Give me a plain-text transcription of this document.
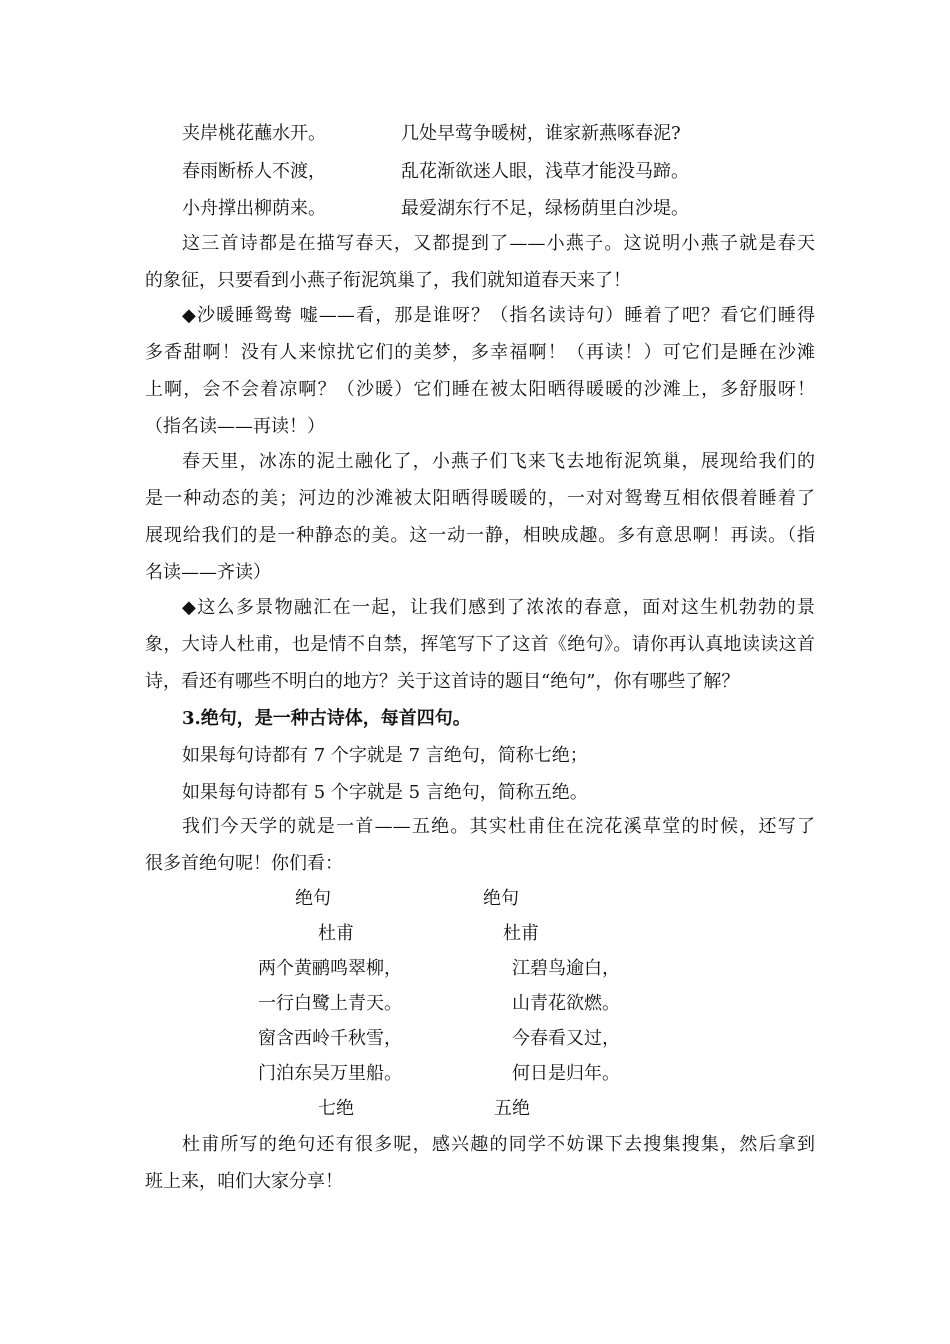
夹岸桃花蘸水开。	几处早莺争暖树，谁家新燕啄春泥?
春雨断桥人不渡，	乱花渐欲迷人眼，浅草才能没马蹄。
小舟撑出柳荫来。	最爱湖东行不足，绿杨荫里白沙堤。
这三首诗都是在描写春天，又都提到了——小燕子。这说明小燕子就是春天
的象征，只要看到小燕子衔泥筑巢了，我们就知道春天来了！
◆沙暖睡鸳鸯 嘘——看，那是谁呀？（指名读诗句）睡着了吧？看它们睡得
多香甜啊！没有人来惊扰它们的美梦，多幸福啊！（再读！）可它们是睡在沙滩
上啊，会不会着凉啊？（沙暖）它们睡在被太阳晒得暖暖的沙滩上，多舒服呀！
（指名读——再读！）
春天里，冰冻的泥土融化了，小燕子们飞来飞去地衔泥筑巢，展现给我们的
是一种动态的美；河边的沙滩被太阳晒得暖暖的，一对对鸳鸯互相依偎着睡着了
展现给我们的是一种静态的美。这一动一静，相映成趣。多有意思啊！再读。（指
名读——齐读）
◆这么多景物融汇在一起，让我们感到了浓浓的春意，面对这生机勃勃的景
象，大诗人杜甫，也是情不自禁，挥笔写下了这首《绝句》。请你再认真地读读这首
诗，看还有哪些不明白的地方？关于这首诗的题目“绝句”，你有哪些了解？
3.绝句，是一种古诗体，每首四句。
如果每句诗都有 7 个字就是 7 言绝句，简称七绝；
如果每句诗都有 5 个字就是 5 言绝句，简称五绝。
我们今天学的就是一首——五绝。其实杜甫住在浣花溪草堂的时候，还写了
很多首绝句呢！你们看：
绝句	绝句
杜甫	杜甫
两个黄鹂鸣翠柳，	江碧鸟逾白，
一行白鹭上青天。	山青花欲燃。
窗含西岭千秋雪，	今春看又过，
门泊东吴万里船。	何日是归年。
七绝	五绝
杜甫所写的绝句还有很多呢，感兴趣的同学不妨课下去搜集搜集，然后拿到
班上来，咱们大家分享！
